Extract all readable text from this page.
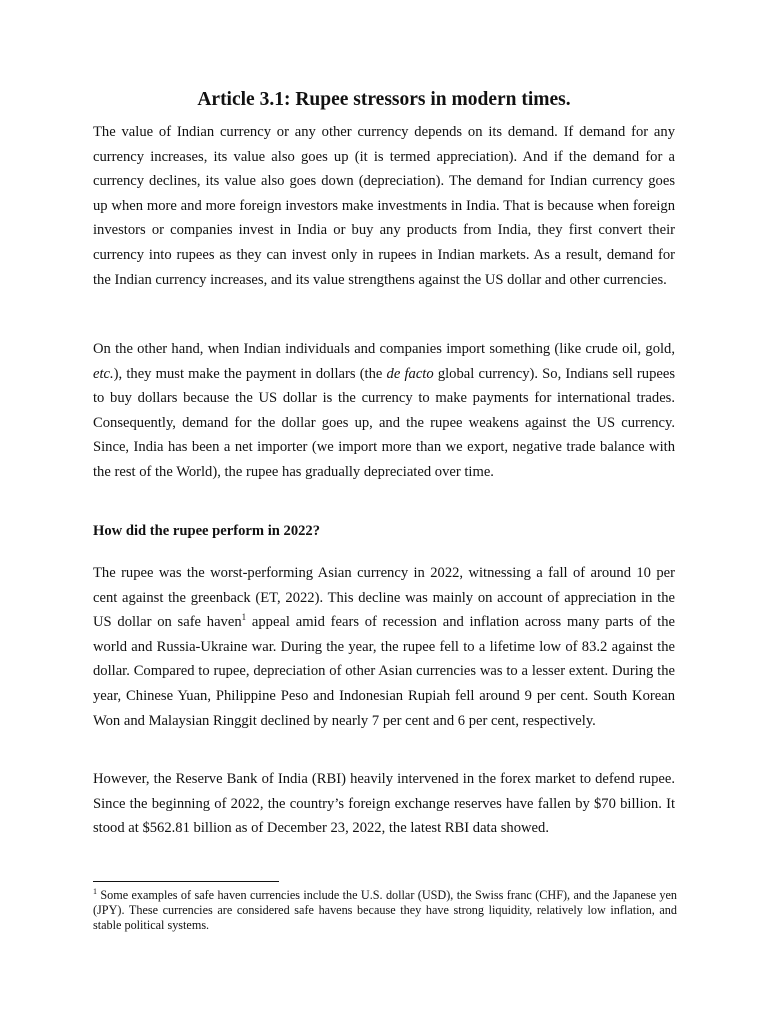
Article 3.1: Rupee stressors in modern times.

The value of Indian currency or any other currency depends on its demand. If demand for any currency increases, its value also goes up (it is termed appreciation). And if the demand for a currency declines, its value also goes down (depreciation). The demand for Indian currency goes up when more and more foreign investors make investments in India. That is because when foreign investors or companies invest in India or buy any products from India, they first convert their currency into rupees as they can invest only in rupees in Indian markets. As a result, demand for the Indian currency increases, and its value strengthens against the US dollar and other currencies.

On the other hand, when Indian individuals and companies import something (like crude oil, gold, etc.), they must make the payment in dollars (the de facto global currency). So, Indians sell rupees to buy dollars because the US dollar is the currency to make payments for international trades. Consequently, demand for the dollar goes up, and the rupee weakens against the US currency. Since, India has been a net importer (we import more than we export, negative trade balance with the rest of the World), the rupee has gradually depreciated over time.

How did the rupee perform in 2022?

The rupee was the worst-performing Asian currency in 2022, witnessing a fall of around 10 per cent against the greenback (ET, 2022). This decline was mainly on account of appreciation in the US dollar on safe haven$^1$ appeal amid fears of recession and inflation across many parts of the world and Russia-Ukraine war. During the year, the rupee fell to a lifetime low of 83.2 against the dollar. Compared to rupee, depreciation of other Asian currencies was to a lesser extent. During the year, Chinese Yuan, Philippine Peso and Indonesian Rupiah fell around 9 per cent. South Korean Won and Malaysian Ringgit declined by nearly 7 per cent and 6 per cent, respectively.

However, the Reserve Bank of India (RBI) heavily intervened in the forex market to defend rupee. Since the beginning of 2022, the country’s foreign exchange reserves have fallen by $70 billion. It stood at $562.81 billion as of December 23, 2022, the latest RBI data showed.

$^1$ Some examples of safe haven currencies include the U.S. dollar (USD), the Swiss franc (CHF), and the Japanese yen (JPY). These currencies are considered safe havens because they have strong liquidity, relatively low inflation, and stable political systems.
